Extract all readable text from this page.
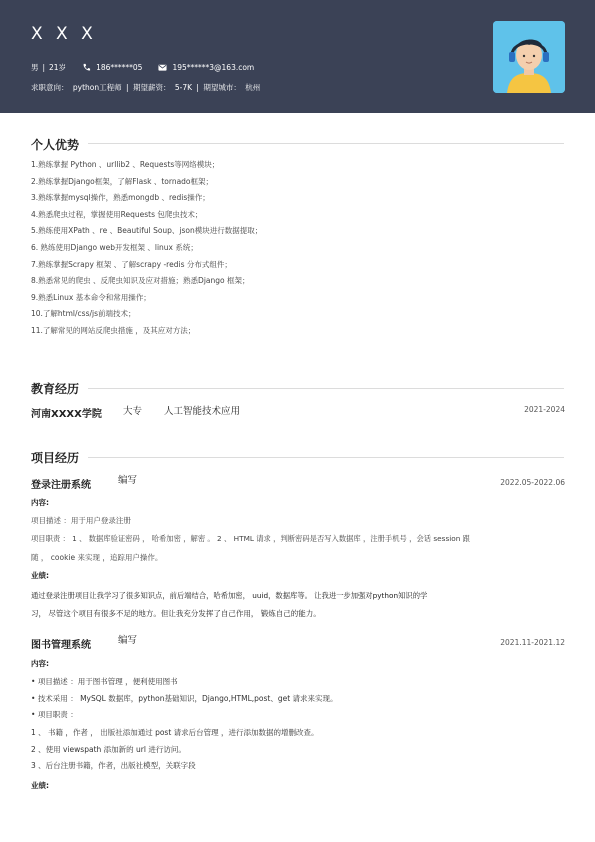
X X X
男 | 21岁	186******05	195******3@163.com
求职意向： python工程师 | 期望薪资： 5-7K | 期望城市： 杭州
个人优势
1.熟练掌握 Python 、urllib2 、Requests等网络模块；
2.熟练掌握Django框架，了解Flask 、tornado框架；
3.熟练掌握mysql操作，熟悉mongdb 、redis操作；
4.熟悉爬虫过程，掌握使用Requests 包爬虫技术；
5.熟练使用XPath 、re 、Beautiful Soup、json模块进行数据提取；
6. 熟练使用Django web开发框架 、linux 系统；
7.熟练掌握Scrapy 框架 、了解scrapy -redis 分布式组件；
8.熟悉常见的爬虫 、反爬虫知识及应对措施；熟悉Django 框架；
9.熟悉Linux 基本命令和常用操作；
10.了解html/css/js前端技术；
11.了解常见的网站反爬虫措施 ，及其应对方法；
教育经历
河南XXXX学院 大专 人工智能技术应用	2021-2024
项目经历
登录注册系统	编写	2022.05-2022.06
内容:
项目描述 ：用于用户登录注册
项目职责 ： 1 、 数据库验证密码 ， 哈希加密 ，解密 。 2 、 HTML 请求 ，判断密码是否写入数据库 ，注册手机号 ，会话 session 跟
随 ， cookie 来实现 ，追踪用户操作。
业绩:
通过登录注册项目让我学习了很多知识点，前后端结合，哈希加密， uuid，数据库等。 让我进一步加强对python知识的学
习， 尽管这个项目有很多不足的地方。但让我充分发挥了自己作用， 锻炼自己的能力。
图书管理系统	编写	2021.11-2021.12
内容:
• 项目描述 ：用于图书管理 ，便利使用图书
• 技术采用 ： MySQL 数据库，python基础知识，Django,HTML,post、get 请求来实现。
• 项目职责 ：
1 、 书籍 ，作者 ， 出版社添加通过 post 请求后台管理 ，进行添加数据的增删改查。
2 、使用 viewspath 添加新的 url 进行访问。
3 、后台注册书籍，作者，出版社模型，关联字段
业绩:
